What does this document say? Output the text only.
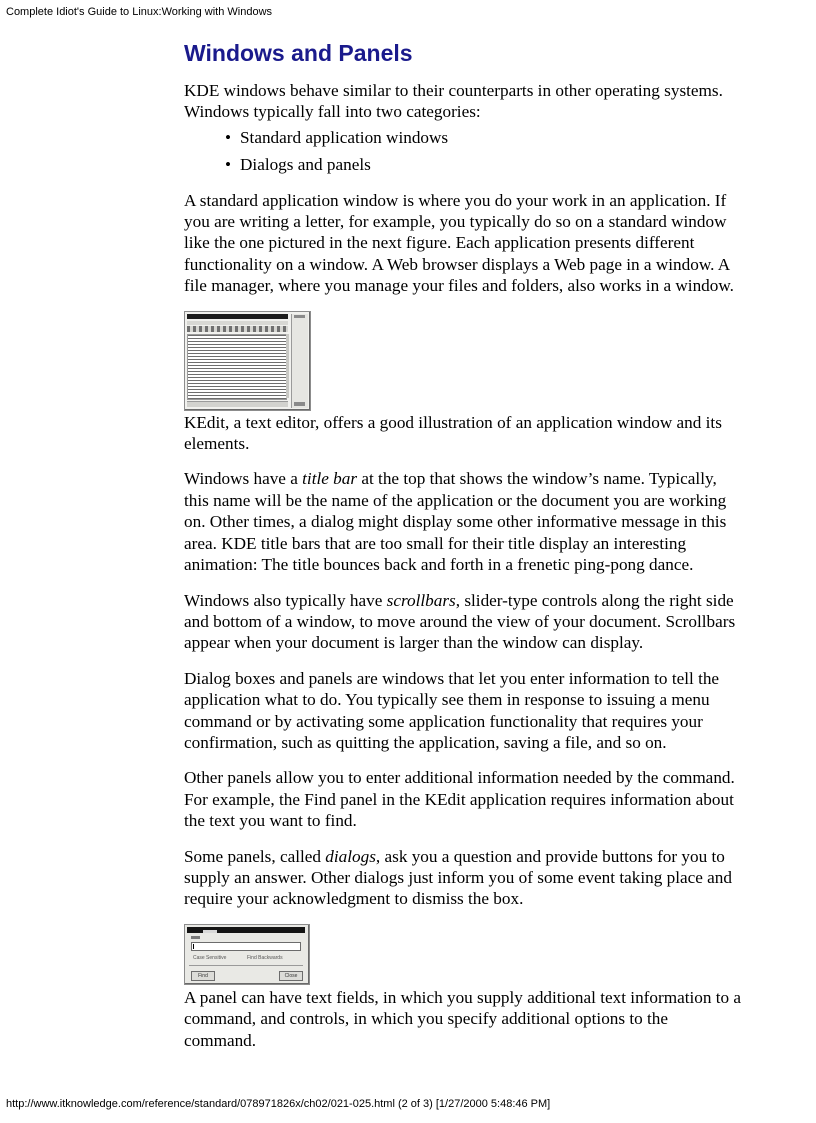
Complete Idiot's Guide to Linux:Working with Windows
Windows and Panels

KDE windows behave similar to their counterparts in other operating systems. Windows typically fall into two categories:

• Standard application windows
• Dialogs and panels

A standard application window is where you do your work in an application. If you are writing a letter, for example, you typically do so on a standard window like the one pictured in the next figure. Each application presents different functionality on a window. A Web browser displays a Web page in a window. A file manager, where you manage your files and folders, also works in a window.

KEdit, a text editor, offers a good illustration of an application window and its elements.

Windows have a title bar at the top that shows the window’s name. Typically, this name will be the name of the application or the document you are working on. Other times, a dialog might display some other informative message in this area. KDE title bars that are too small for their title display an interesting animation: The title bounces back and forth in a frenetic ping-pong dance.

Windows also typically have scrollbars, slider-type controls along the right side and bottom of a window, to move around the view of your document. Scrollbars appear when your document is larger than the window can display.

Dialog boxes and panels are windows that let you enter information to tell the application what to do. You typically see them in response to issuing a menu command or by activating some application functionality that requires your confirmation, such as quitting the application, saving a file, and so on.

Other panels allow you to enter additional information needed by the command. For example, the Find panel in the KEdit application requires information about the text you want to find.

Some panels, called dialogs, ask you a question and provide buttons for you to supply an answer. Other dialogs just inform you of some event taking place and require your acknowledgment to dismiss the box.

Case Sensitive	Find Backwards
Find	Close

A panel can have text fields, in which you supply additional text information to a command, and controls, in which you specify additional options to the command.

http://www.itknowledge.com/reference/standard/078971826x/ch02/021-025.html (2 of 3) [1/27/2000 5:48:46 PM]
